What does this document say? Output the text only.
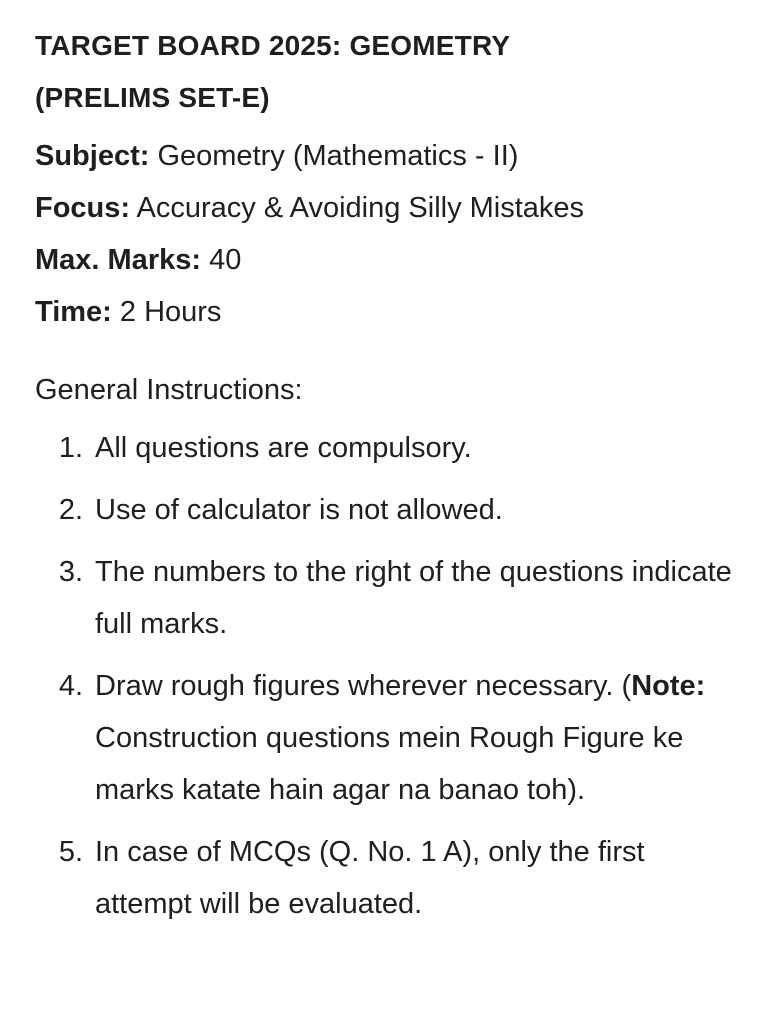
TARGET BOARD 2025: GEOMETRY
(PRELIMS SET-E)
Subject: Geometry (Mathematics - II)
Focus: Accuracy & Avoiding Silly Mistakes
Max. Marks: 40
Time: 2 Hours
General Instructions:
1. All questions are compulsory.
2. Use of calculator is not allowed.
3. The numbers to the right of the questions indicate full marks.
4. Draw rough figures wherever necessary. (Note: Construction questions mein Rough Figure ke marks katate hain agar na banao toh).
5. In case of MCQs (Q. No. 1 A), only the first attempt will be evaluated.
